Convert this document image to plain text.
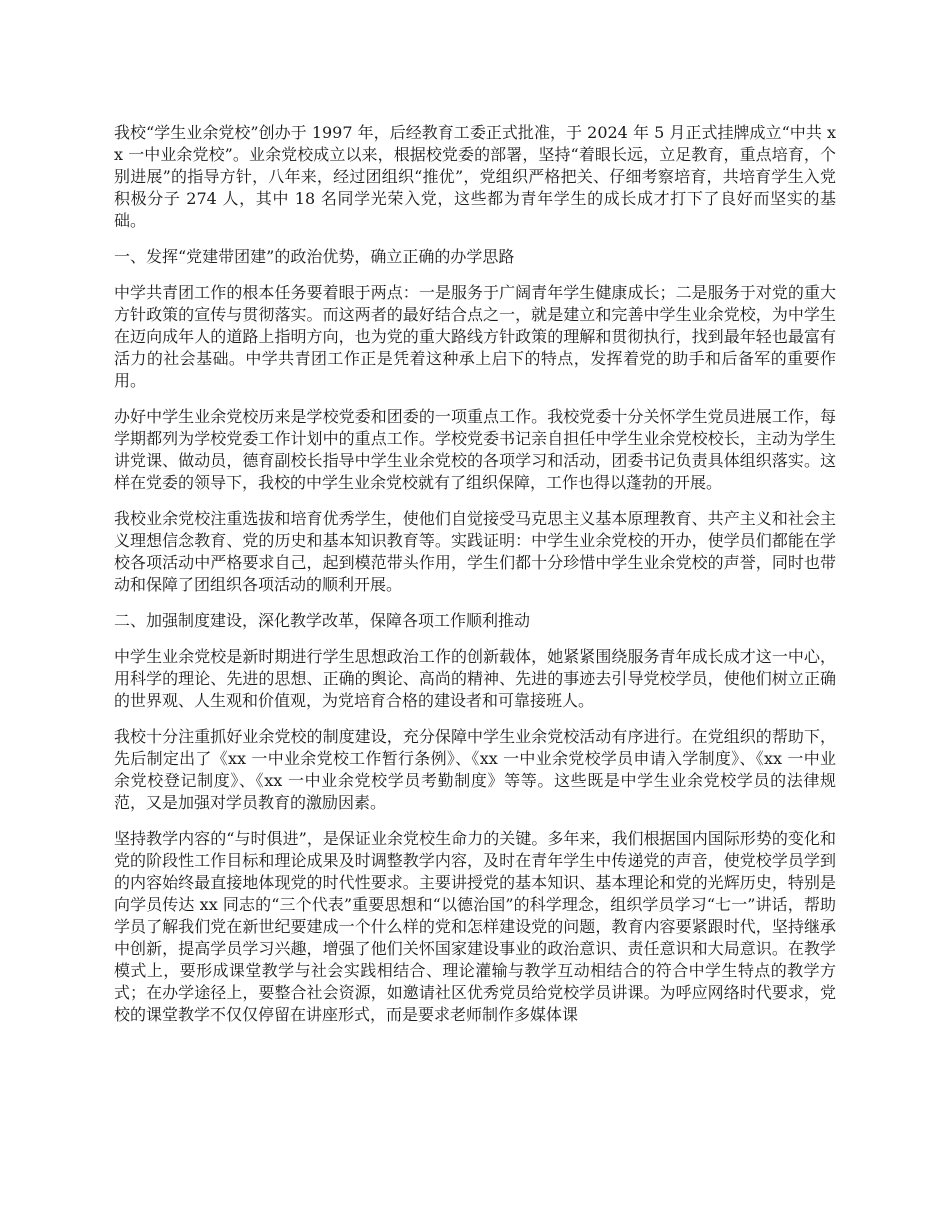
我校“学生业余党校”创办于 1997 年，后经教育工委正式批准，于 2024 年 5 月正式挂牌成立“中共 xx 一中业余党校”。业余党校成立以来，根据校党委的部署，坚持“着眼长远，立足教育，重点培育，个别进展”的指导方针，八年来，经过团组织“推优”，党组织严格把关、仔细考察培育，共培育学生入党积极分子 274 人，其中 18 名同学光荣入党，这些都为青年学生的成长成才打下了良好而坚实的基础。

一、发挥“党建带团建”的政治优势，确立正确的办学思路

中学共青团工作的根本任务要着眼于两点：一是服务于广阔青年学生健康成长；二是服务于对党的重大方针政策的宣传与贯彻落实。而这两者的最好结合点之一，就是建立和完善中学生业余党校，为中学生在迈向成年人的道路上指明方向，也为党的重大路线方针政策的理解和贯彻执行，找到最年轻也最富有活力的社会基础。中学共青团工作正是凭着这种承上启下的特点，发挥着党的助手和后备军的重要作用。

办好中学生业余党校历来是学校党委和团委的一项重点工作。我校党委十分关怀学生党员进展工作，每学期都列为学校党委工作计划中的重点工作。学校党委书记亲自担任中学生业余党校校长，主动为学生讲党课、做动员，德育副校长指导中学生业余党校的各项学习和活动，团委书记负责具体组织落实。这样在党委的领导下，我校的中学生业余党校就有了组织保障，工作也得以蓬勃的开展。

我校业余党校注重选拔和培育优秀学生，使他们自觉接受马克思主义基本原理教育、共产主义和社会主义理想信念教育、党的历史和基本知识教育等。实践证明：中学生业余党校的开办，使学员们都能在学校各项活动中严格要求自己，起到模范带头作用，学生们都十分珍惜中学生业余党校的声誉，同时也带动和保障了团组织各项活动的顺利开展。

二、加强制度建设，深化教学改革，保障各项工作顺利推动

中学生业余党校是新时期进行学生思想政治工作的创新载体，她紧紧围绕服务青年成长成才这一中心，用科学的理论、先进的思想、正确的舆论、高尚的精神、先进的事迹去引导党校学员，使他们树立正确的世界观、人生观和价值观，为党培育合格的建设者和可靠接班人。

我校十分注重抓好业余党校的制度建设，充分保障中学生业余党校活动有序进行。在党组织的帮助下，先后制定出了《xx 一中业余党校工作暂行条例》、《xx 一中业余党校学员申请入学制度》、《xx 一中业余党校登记制度》、《xx 一中业余党校学员考勤制度》等等。这些既是中学生业余党校学员的法律规范，又是加强对学员教育的激励因素。

坚持教学内容的“与时俱进”，是保证业余党校生命力的关键。多年来，我们根据国内国际形势的变化和党的阶段性工作目标和理论成果及时调整教学内容，及时在青年学生中传递党的声音，使党校学员学到的内容始终最直接地体现党的时代性要求。主要讲授党的基本知识、基本理论和党的光辉历史，特别是向学员传达 xx 同志的“三个代表”重要思想和“以德治国”的科学理念，组织学员学习“七一”讲话，帮助学员了解我们党在新世纪要建成一个什么样的党和怎样建设党的问题，教育内容要紧跟时代，坚持继承中创新，提高学员学习兴趣，增强了他们关怀国家建设事业的政治意识、责任意识和大局意识。在教学模式上，要形成课堂教学与社会实践相结合、理论灌输与教学互动相结合的符合中学生特点的教学方式；在办学途径上，要整合社会资源，如邀请社区优秀党员给党校学员讲课。为呼应网络时代要求，党校的课堂教学不仅仅停留在讲座形式，而是要求老师制作多媒体课
